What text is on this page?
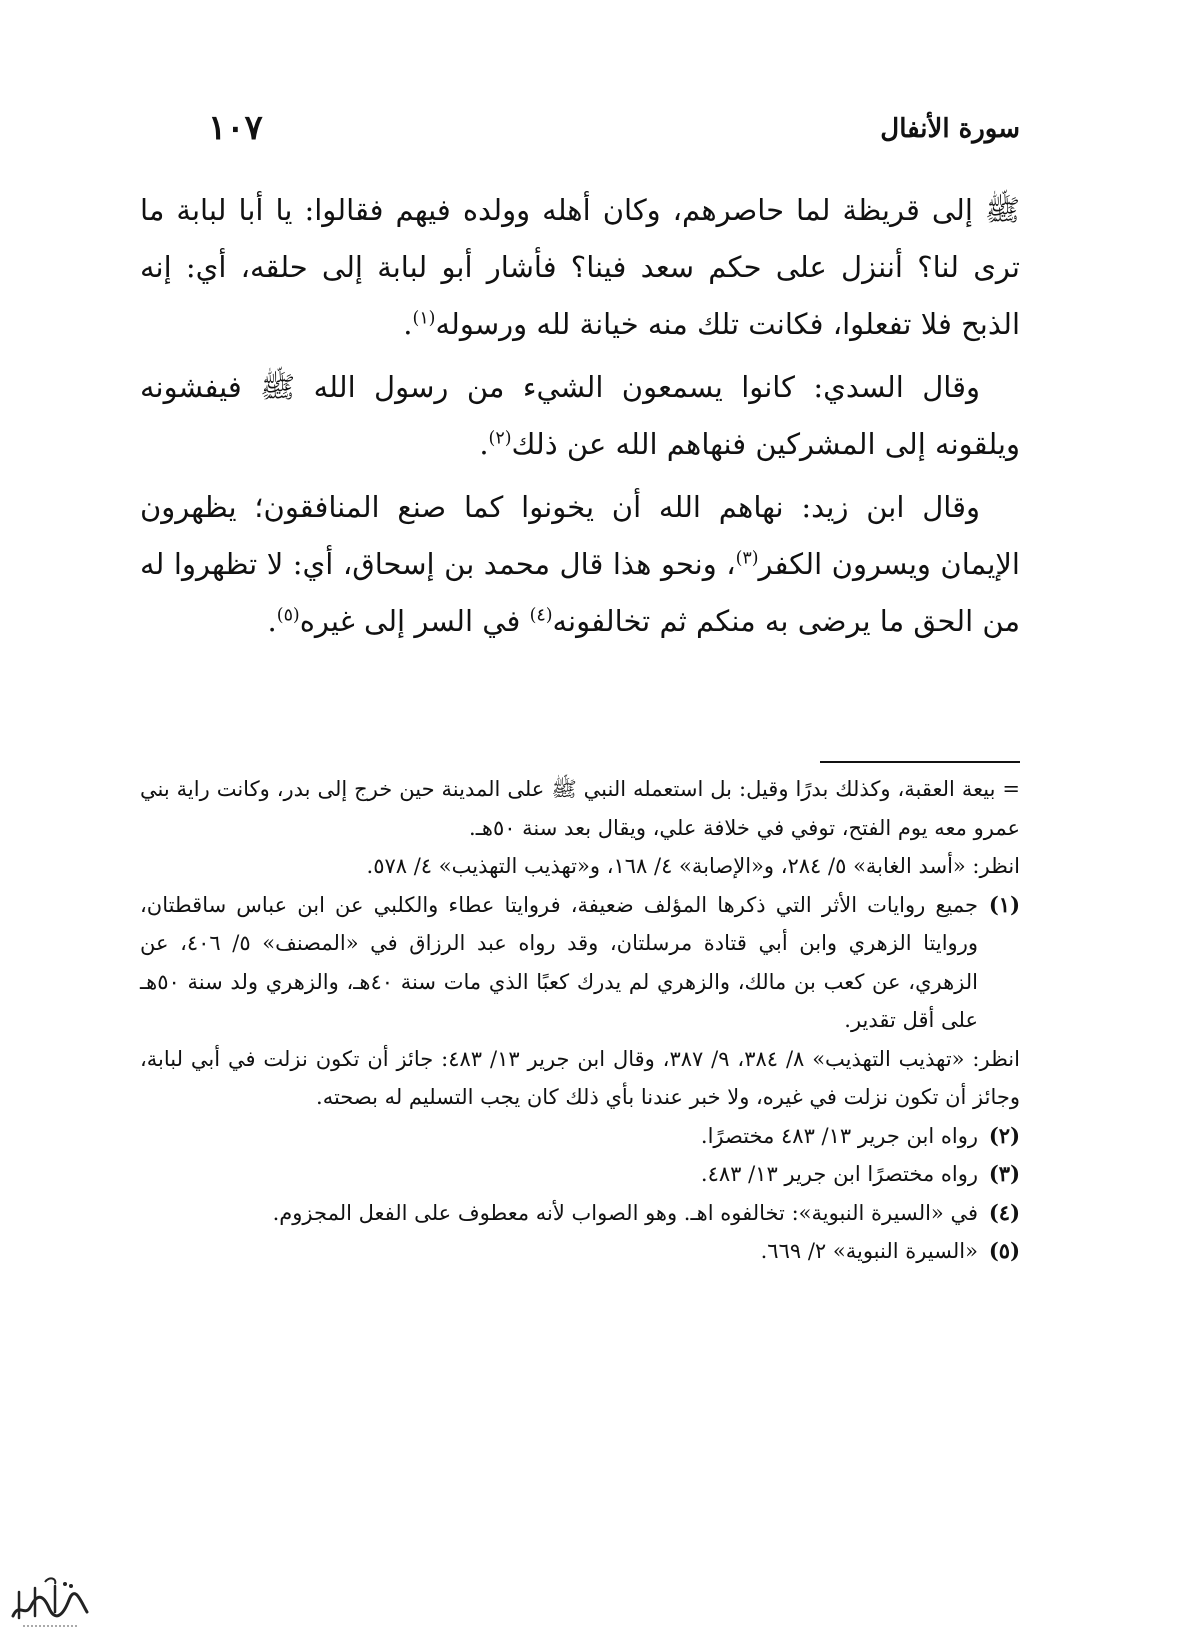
سورة الأنفال
١٠٧

ﷺ إلى قريظة لما حاصرهم، وكان أهله وولده فيهم فقالوا: يا أبا لبابة ما ترى لنا؟ أننزل على حكم سعد فينا؟ فأشار أبو لبابة إلى حلقه، أي: إنه الذبح فلا تفعلوا، فكانت تلك منه خيانة لله ورسوله$^{(١)}$.

وقال السدي: كانوا يسمعون الشيء من رسول الله ﷺ فيفشونه ويلقونه إلى المشركين فنهاهم الله عن ذلك$^{(٢)}$.

وقال ابن زيد: نهاهم الله أن يخونوا كما صنع المنافقون؛ يظهرون الإيمان ويسرون الكفر$^{(٣)}$، ونحو هذا قال محمد بن إسحاق، أي: لا تظهروا له من الحق ما يرضى به منكم ثم تخالفونه$^{(٤)}$ في السر إلى غيره$^{(٥)}$.

= بيعة العقبة، وكذلك بدرًا وقيل: بل استعمله النبي ﷺ على المدينة حين خرج إلى بدر، وكانت راية بني عمرو معه يوم الفتح، توفي في خلافة علي، ويقال بعد سنة ٥٠هـ.

انظر: «أسد الغابة» ٥/ ٢٨٤، و«الإصابة» ٤/ ١٦٨، و«تهذيب التهذيب» ٤/ ٥٧٨.

(١)

جميع روايات الأثر التي ذكرها المؤلف ضعيفة، فروايتا عطاء والكلبي عن ابن عباس ساقطتان، وروايتا الزهري وابن أبي قتادة مرسلتان، وقد رواه عبد الرزاق في «المصنف» ٥/ ٤٠٦، عن الزهري، عن كعب بن مالك، والزهري لم يدرك كعبًا الذي مات سنة ٤٠هـ، والزهري ولد سنة ٥٠هـ على أقل تقدير.

انظر: «تهذيب التهذيب» ٨/ ٣٨٤، ٩/ ٣٨٧، وقال ابن جرير ١٣/ ٤٨٣: جائز أن تكون نزلت في أبي لبابة، وجائز أن تكون نزلت في غيره، ولا خبر عندنا بأي ذلك كان يجب التسليم له بصحته.

(٢)

رواه ابن جرير ١٣/ ٤٨٣ مختصرًا.

(٣)

رواه مختصرًا ابن جرير ١٣/ ٤٨٣.

(٤)

في «السيرة النبوية»: تخالفوه اهـ. وهو الصواب لأنه معطوف على الفعل المجزوم.

(٥)

«السيرة النبوية» ٢/ ٦٦٩.
